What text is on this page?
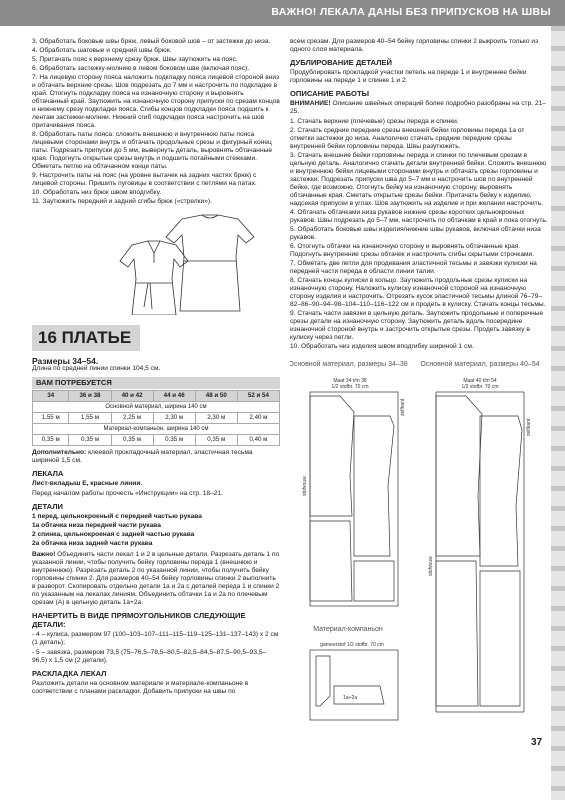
ВАЖНО! ЛЕКАЛА ДАНЫ БЕЗ ПРИПУСКОВ НА ШВЫ
3. Обработать боковые швы брюк, левый боковой шов – от застежки до низа.
4. Обработать шаговые и средний швы брюк.
5. Притачать пояс к верхнему срезу брюк. Швы заутюжить на пояс.
6. Обработать застежку-молнию в левом боковом шве (включая пояс).
7. На лицевую сторону пояса наложить подкладку пояса лицевой стороной вниз и обтачать верхние срезы. Шов подрезать до 7 мм и настрочить по подкладке в край. Отогнуть подкладку пояса на изнаночную сторону и выровнять обтачанный край. Заутюжить на изнаночную сторону припуски по срезам концов и нижнему срезу подкладки пояса. Сгибы концов подкладки пояса подшить к лентам застежки-молнии. Нижний сгиб подкладки пояса настрочить на шов притачивания пояса.
8. Обработать паты пояса: сложить внешнюю и внутреннюю паты пояса лицевыми сторонами внутрь и обтачать продольные срезы и фигурный конец паты. Подрезать припуски до 5 мм, вывернуть деталь, выровнять обтачанные края. Подогнуть открытые срезы внутрь и подшить потайными стежками. Обметать петлю на обтачанном конце паты.
9. Настрочить паты на пояс (на уровне вытачек на задних частях брюк) с лицевой стороны. Пришить пуговицы в соответствии с петлями на патах.
10. Обработать низ брюк швом вподгибку.
11. Заутюжить передний и задний сгибы брюк («стрелки»).
16 ПЛАТЬЕ
Размеры 34–54.

Длина по средней линии спинки 104,5 см.

ВАМ ПОТРЕБУЕТСЯ
34	36 и 38	40 и 42	44 и 46	48 и 50	52 и 54
Основной материал, ширина 140 см					
1,55 м	1,55 м	2,25 м	2,30 м	2,30 м	2,40 м
Материал-компаньон, ширина 140 см					
0,35 м	0,35 м	0,35 м	0,35 м	0,35 м	0,40 м

Дополнительно: клеевой прокладочный материал, эластичная тесьма шириной 1,5 см.

ЛЕКАЛА

Лист-вкладыш Е, красные линии.

Перед началом работы прочесть «Инструкции» на стр. 18–21.

ДЕТАЛИ
1 перед, цельнокроеный с передней частью рукава
1а обтачка низа передней части рукава
2 спинка, цельнокроеная с задней частью рукава
2а обтачка низа задней части рукава

Важно! Объединить части лекал 1 и 2 в цельные детали. Разрезать деталь 1 по указанной линии, чтобы получить бейку горловины переда 1 (внешнюю и внутреннюю). Разрезать деталь 2 по указанной линии, чтобы получить бейку горловины спинки 2. Для размеров 40–54 бейку горловины спинки 2 выполнить в разворот. Скопировать отдельно детали 1а и 2а с деталей переда 1 и спинки 2 по указанным на лекалах линиям. Объединить обтачки 1а и 2а по плечевым срезам (А) в цельную деталь 1а+2а.

НАЧЕРТИТЬ В ВИДЕ ПРЯМОУГОЛЬНИКОВ СЛЕДУЮЩИЕ ДЕТАЛИ:

- 4 – кулиса, размером 97 (100–103–107–111–115–119–125–131–137–143) x 2 см (1 деталь);

- 5 – завязка, размером 73,5 (75–76,5–78,5–80,5–82,5–84,5–87,5–90,5–93,5–96,5) x 1,5 см (2 детали).

РАСКЛАДКА ЛЕКАЛ

Разложить детали на основном материале и материале-компаньоне в соответствии с планами раскладки. Добавить припуски на швы по

всем срезам. Для размеров 40–54 бейку горловины спинки 2 выкроить только из одного слоя материала.

ДУБЛИРОВАНИЕ ДЕТАЛЕЙ

Продублировать прокладкой участки петель на переде 1 и внутреннее бейки горловины на переде 1 и спинке 1 и 2.

ОПИСАНИЕ РАБОТЫ

ВНИМАНИЕ! Описание швейных операций более подробно разобраны на стр. 21–25.

1. Стачать верхние (плечевые) срезы переда и спинки.
2. Стачать средние передние срезы внешней бейки горловины переда 1а от отметки застежки до низа. Аналогично стачать средние передние срезы внутренней бейки горловины переда. Швы разутюжить.
3. Стачать внешние бейки горловины переда и спинки по плечевым срезам в цельную деталь. Аналогично стачать детали внутренней бейки. Сложить внешнюю и внутреннюю бейки лицевыми сторонами внутрь и обтачать срезы горловины и застежки. Подрезать припуски шва до 5–7 мм и настрочить шов по внутренней бейке, где возможно. Отогнуть бейку на изнаночную сторону, выровнять обтачанные края. Сметать открытые срезы бейки. Притачать бейку к изделию, надсекая припуски в углах. Шов заутюжить на изделие и при желании настрочить.
4. Обтачать обтачками низа рукавов нижние срезы коротких цельнокроеных рукавов. Швы подрезать до 5–7 мм, настрочить по обтачкам в край и пока отогнуть.
5. Обработать боковые швы изделия/нижние швы рукавов, включая обтачки низа рукавов.
6. Отогнуть обтачки на изнаночную сторону и выровнять обтачанные края. Подогнуть внутренние срезы обтачек и настрочить сгибы скрытыми строчками.
7. Обметать две петли для продевания эластичной тесьмы и завязки кулиски на передней части переда в области линии талии.
8. Стачать концы кулиски в кольцо. Заутюжить продольные срезы кулиски на изнаночную сторону. Наложить кулиску изнаночной стороной на изнаночную сторону изделия и настрочить. Отрезать кусок эластичной тесьмы длиной 76–79–82–86–90–94–98–104–110–116–122 см и продеть в кулиску. Стачать концы тесьмы.
9. Стачать части завязки в цельную деталь. Заутюжить продольные и поперечные срезы детали на изнаночную сторону. Заутюжить деталь вдоль посередине изнаночной стороной внутрь и застрочить открытые срезы. Продеть завязку в кулиску через петли.
10. Обработать низ изделия швом вподгибку шириной 1 см.
Основной материал, размеры 34–38
Maat 34 t/m 38
1/2 stofbr. 70 cm
stofvouw
zelfkant
Основной материал, размеры 40–54
Maat 40 t/m 54
1/2 stofbr. 70 cm
stofvouw
zelfkant
Материал-компаньон
garneerstof 1/2 stofbr. 70 cm
1a+2a
37
